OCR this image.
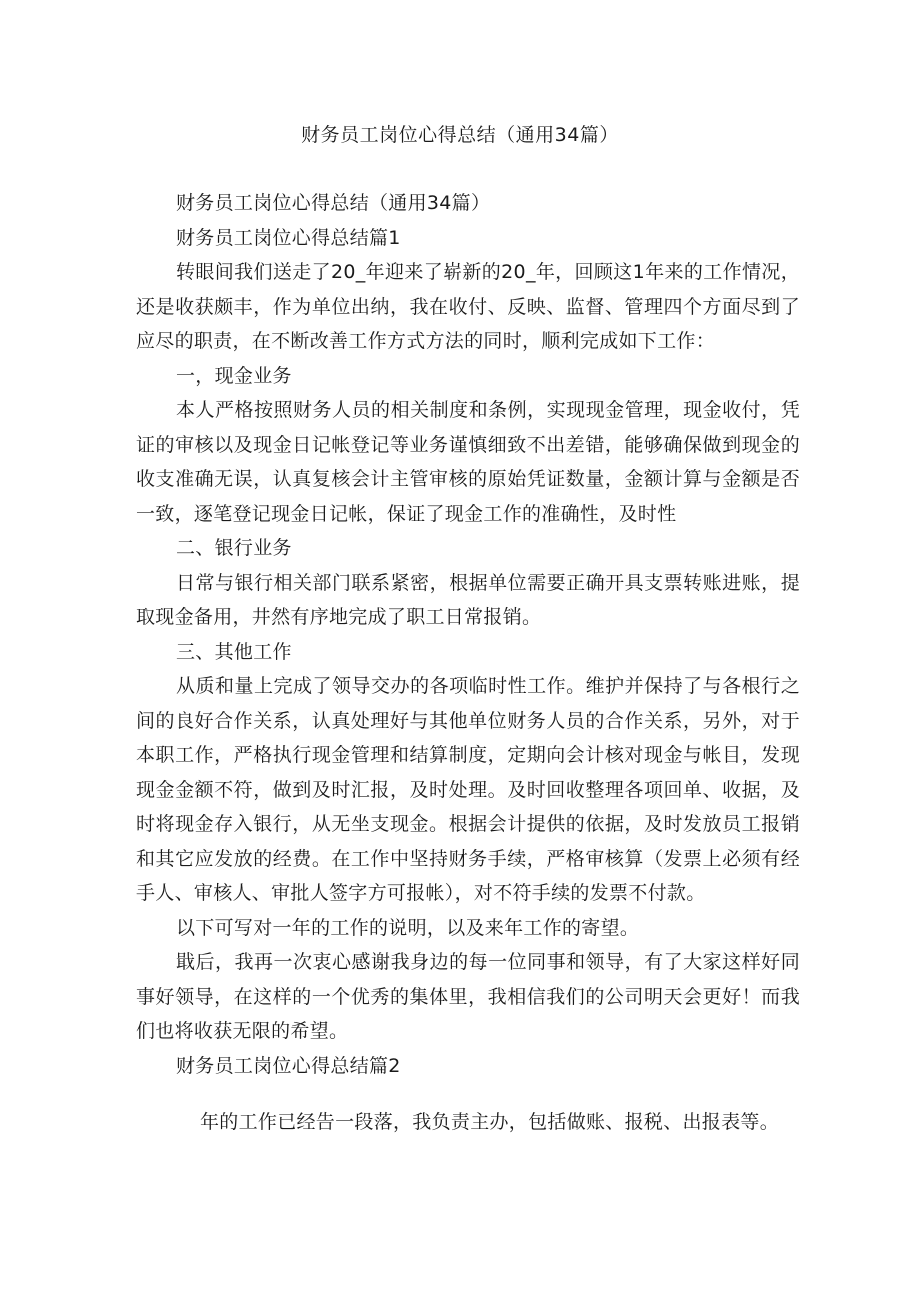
财务员工岗位心得总结（通用34篇）

财务员工岗位心得总结（通用34篇）

财务员工岗位心得总结篇1

转眼间我们送走了20_年迎来了崭新的20_年，回顾这1年来的工作情况，还是收获颇丰，作为单位出纳，我在收付、反映、监督、管理四个方面尽到了应尽的职责，在不断改善工作方式方法的同时，顺利完成如下工作：

一，现金业务

本人严格按照财务人员的相关制度和条例，实现现金管理，现金收付，凭证的审核以及现金日记帐登记等业务谨慎细致不出差错，能够确保做到现金的收支准确无误，认真复核会计主管审核的原始凭证数量，金额计算与金额是否一致，逐笔登记现金日记帐，保证了现金工作的准确性，及时性

二、银行业务

日常与银行相关部门联系紧密，根据单位需要正确开具支票转账进账，提取现金备用，井然有序地完成了职工日常报销。

三、其他工作

从质和量上完成了领导交办的各项临时性工作。维护并保持了与各根行之间的良好合作关系，认真处理好与其他单位财务人员的合作关系，另外，对于本职工作，严格执行现金管理和结算制度，定期向会计核对现金与帐目，发现现金金额不符，做到及时汇报，及时处理。及时回收整理各项回单、收据，及时将现金存入银行，从无坐支现金。根据会计提供的依据，及时发放员工报销和其它应发放的经费。在工作中坚持财务手续，严格审核算（发票上必须有经手人、审核人、审批人签字方可报帐），对不符手续的发票不付款。

以下可写对一年的工作的说明，以及来年工作的寄望。

戢后，我再一次衷心感谢我身边的每一位同事和领导，有了大家这样好同事好领导，在这样的一个优秀的集体里，我相信我们的公司明天会更好！而我们也将收获无限的希望。

财务员工岗位心得总结篇2

年的工作已经告一段落，我负责主办，包括做账、报税、出报表等。
